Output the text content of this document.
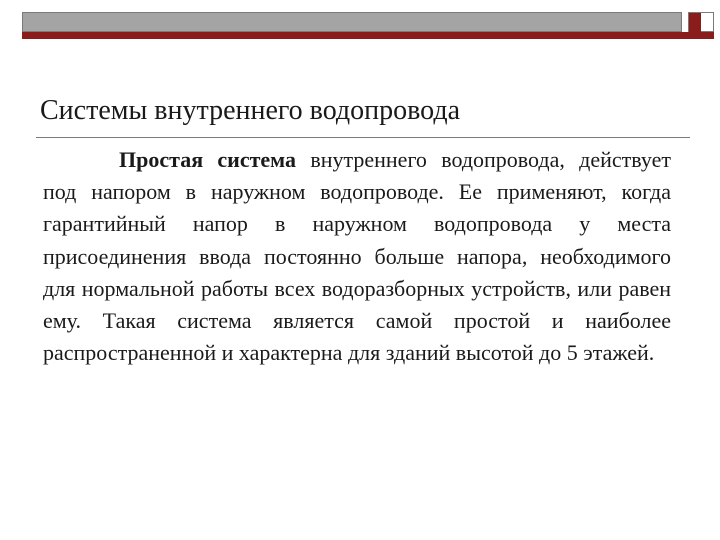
Системы внутреннего водопровода

Простая система внутреннего водопровода, действует под напором в наружном водопроводе. Ее применяют, когда гарантийный напор в наружном водопровода у места присоединения ввода постоянно больше напора, необходимого для нормальной работы всех водоразборных устройств, или равен ему. Такая система является самой простой и наиболее распространенной и характерна для зданий высотой до 5 этажей.
